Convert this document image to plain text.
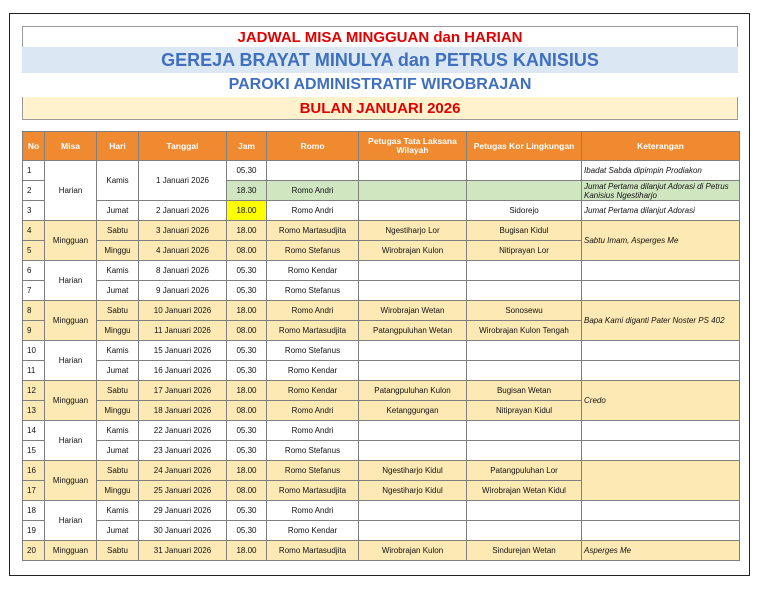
JADWAL MISA MINGGUAN dan HARIAN
GEREJA BRAYAT MINULYA dan PETRUS KANISIUS
PAROKI ADMINISTRATIF WIROBRAJAN
BULAN JANUARI 2026
No	Misa	Hari	Tanggal	Jam	Romo	Petugas Tata Laksana Wilayah	Petugas Kor Lingkungan	Keterangan
1	Harian	Kamis	1 Januari 2026	05.30				Ibadat Sabda dipimpin Prodiakon
2				18.30	Romo Andri			Jumat Pertama dilanjut Adorasi di Petrus Kanisius Ngestiharjo
3		Jumat	2 Januari 2026	18.00	Romo Andri		Sidorejo	Jumat Pertama dilanjut Adorasi
4	Mingguan	Sabtu	3 Januari 2026	18.00	Romo Martasudjita	Ngestiharjo Lor	Bugisan Kidul	Sabtu Imam, Asperges Me
5		Minggu	4 Januari 2026	08.00	Romo Stefanus	Wirobrajan Kulon	Nitiprayan Lor	
6	Harian	Kamis	8 Januari 2026	05.30	Romo Kendar			
7		Jumat	9 Januari 2026	05.30	Romo Stefanus			
8	Mingguan	Sabtu	10 Januari 2026	18.00	Romo Andri	Wirobrajan Wetan	Sonosewu	Bapa Kami diganti Pater Noster PS 402
9		Minggu	11 Januari 2026	08.00	Romo Martasudjita	Patangpuluhan Wetan	Wirobrajan Kulon Tengah	
10	Harian	Kamis	15 Januari 2026	05.30	Romo Stefanus			
11		Jumat	16 Januari 2026	05.30	Romo Kendar			
12	Mingguan	Sabtu	17 Januari 2026	18.00	Romo Kendar	Patangpuluhan Kulon	Bugisan Wetan	Credo
13		Minggu	18 Januari 2026	08.00	Romo Andri	Ketanggungan	Nitiprayan Kidul	
14	Harian	Kamis	22 Januari 2026	05.30	Romo Andri			
15		Jumat	23 Januari 2026	05.30	Romo Stefanus			
16	Mingguan	Sabtu	24 Januari 2026	18.00	Romo Stefanus	Ngestiharjo Kidul	Patangpuluhan Lor	
17		Minggu	25 Januari 2026	08.00	Romo Martasudjita	Ngestiharjo Kidul	Wirobrajan Wetan Kidul	
18	Harian	Kamis	29 Januari 2026	05.30	Romo Andri			
19		Jumat	30 Januari 2026	05.30	Romo Kendar			
20	Mingguan	Sabtu	31 Januari 2026	18.00	Romo Martasudjita	Wirobrajan Kulon	Sindurejan Wetan	Asperges Me
